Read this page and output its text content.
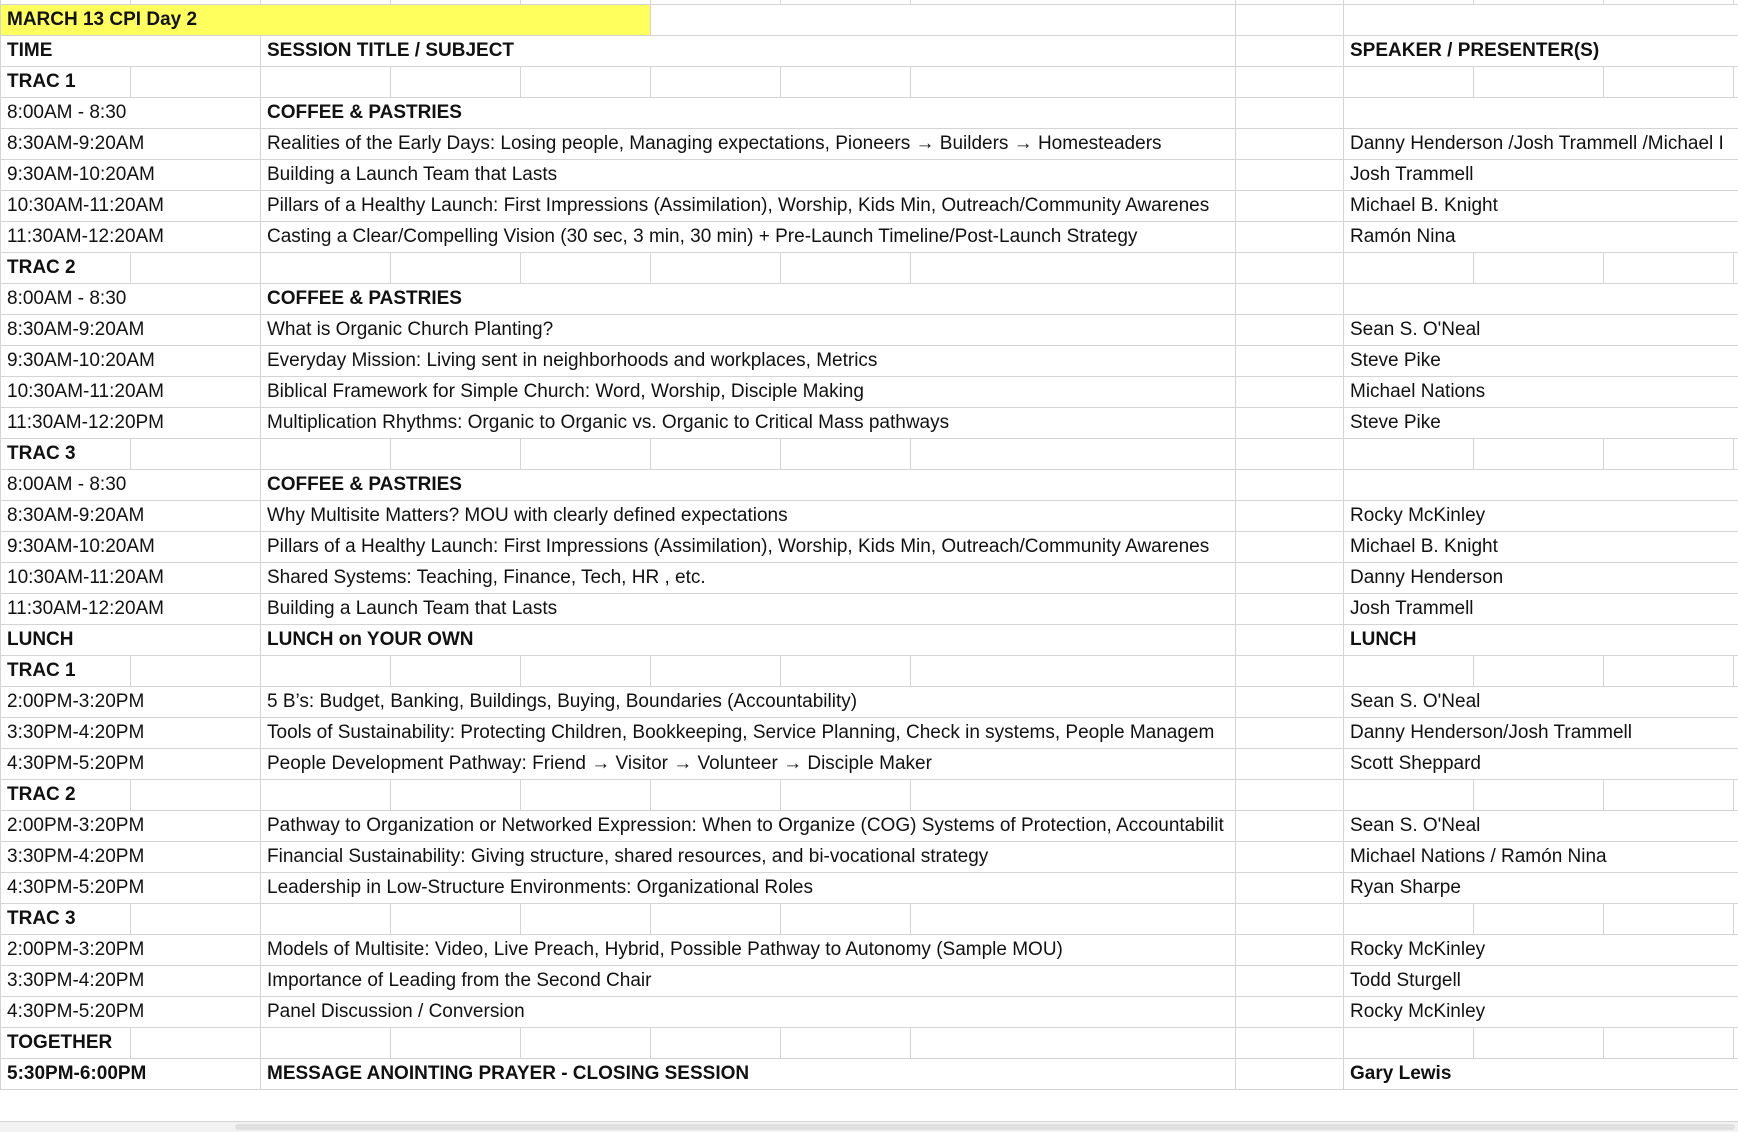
MARCH 13 CPI Day 2												
TIME		SESSION TITLE / SUBJECT							SPEAKER / PRESENTER(S)			
TRAC 1												
8:00AM - 8:30		COFFEE & PASTRIES										
8:30AM-9:20AM		Realities of the Early Days: Losing people, Managing expectations, Pioneers → Builders → Homesteaders							Danny Henderson /Josh Trammell /Michael I			
9:30AM-10:20AM		Building a Launch Team that Lasts							Josh Trammell			
10:30AM-11:20AM		Pillars of a Healthy Launch: First Impressions (Assimilation), Worship, Kids Min, Outreach/Community Awarenes							Michael B. Knight			
11:30AM-12:20AM		Casting a Clear/Compelling Vision (30 sec, 3 min, 30 min) + Pre-Launch Timeline/Post-Launch Strategy							Ramón Nina			
TRAC 2												
8:00AM - 8:30		COFFEE & PASTRIES										
8:30AM-9:20AM		What is Organic Church Planting?							Sean S. O'Neal			
9:30AM-10:20AM		Everyday Mission: Living sent in neighborhoods and workplaces, Metrics							Steve Pike			
10:30AM-11:20AM		Biblical Framework for Simple Church: Word, Worship, Disciple Making							Michael Nations			
11:30AM-12:20PM		Multiplication Rhythms: Organic to Organic vs. Organic to Critical Mass pathways							Steve Pike			
TRAC 3												
8:00AM - 8:30		COFFEE & PASTRIES										
8:30AM-9:20AM		Why Multisite Matters? MOU with clearly defined expectations							Rocky McKinley			
9:30AM-10:20AM		Pillars of a Healthy Launch: First Impressions (Assimilation), Worship, Kids Min, Outreach/Community Awarenes							Michael B. Knight			
10:30AM-11:20AM		Shared Systems: Teaching, Finance, Tech, HR , etc.							Danny Henderson			
11:30AM-12:20AM		Building a Launch Team that Lasts							Josh Trammell			
LUNCH		LUNCH on YOUR OWN							LUNCH			
TRAC 1												
2:00PM-3:20PM		5 B’s: Budget, Banking, Buildings, Buying, Boundaries (Accountability)							Sean S. O'Neal			
3:30PM-4:20PM		Tools of Sustainability: Protecting Children, Bookkeeping, Service Planning, Check in systems, People Managem							Danny Henderson/Josh Trammell			
4:30PM-5:20PM		People Development Pathway: Friend → Visitor → Volunteer → Disciple Maker							Scott Sheppard			
TRAC 2												
2:00PM-3:20PM		Pathway to Organization or Networked Expression: When to Organize (COG) Systems of Protection, Accountabilit							Sean S. O'Neal			
3:30PM-4:20PM		Financial Sustainability: Giving structure, shared resources, and bi-vocational strategy							Michael Nations / Ramón Nina			
4:30PM-5:20PM		Leadership in Low-Structure Environments: Organizational Roles							Ryan Sharpe			
TRAC 3												
2:00PM-3:20PM		Models of Multisite: Video, Live Preach, Hybrid, Possible Pathway to Autonomy (Sample MOU)							Rocky McKinley			
3:30PM-4:20PM		Importance of Leading from the Second Chair							Todd Sturgell			
4:30PM-5:20PM		Panel Discussion / Conversion							Rocky McKinley			
TOGETHER												
5:30PM-6:00PM		MESSAGE ANOINTING PRAYER - CLOSING SESSION							Gary Lewis			
